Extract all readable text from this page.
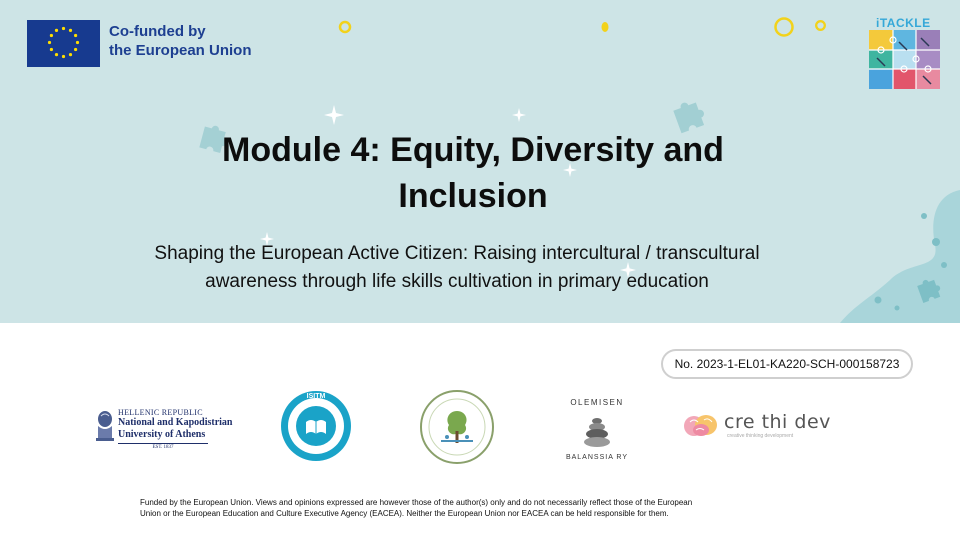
Co-funded by
the European Union
iTACKLE
Module 4: Equity, Diversity and
Inclusion
Shaping the European Active Citizen: Raising intercultural / transcultural
awareness through life skills cultivation in primary education
No. 2023-1-EL01-KA220-SCH-000158723
HELLENIC REPUBLIC
National and Kapodistrian
University of Athens
EST. 1837
ISITM
OLEMISEN
BALANSSIA RY
cre thi dev
creative thinking development
Funded by the European Union. Views and opinions expressed are however those of the author(s) only and do not necessarily reflect those of the European
Union or the European Education and Culture Executive Agency (EACEA). Neither the European Union nor EACEA can be held responsible for them.
